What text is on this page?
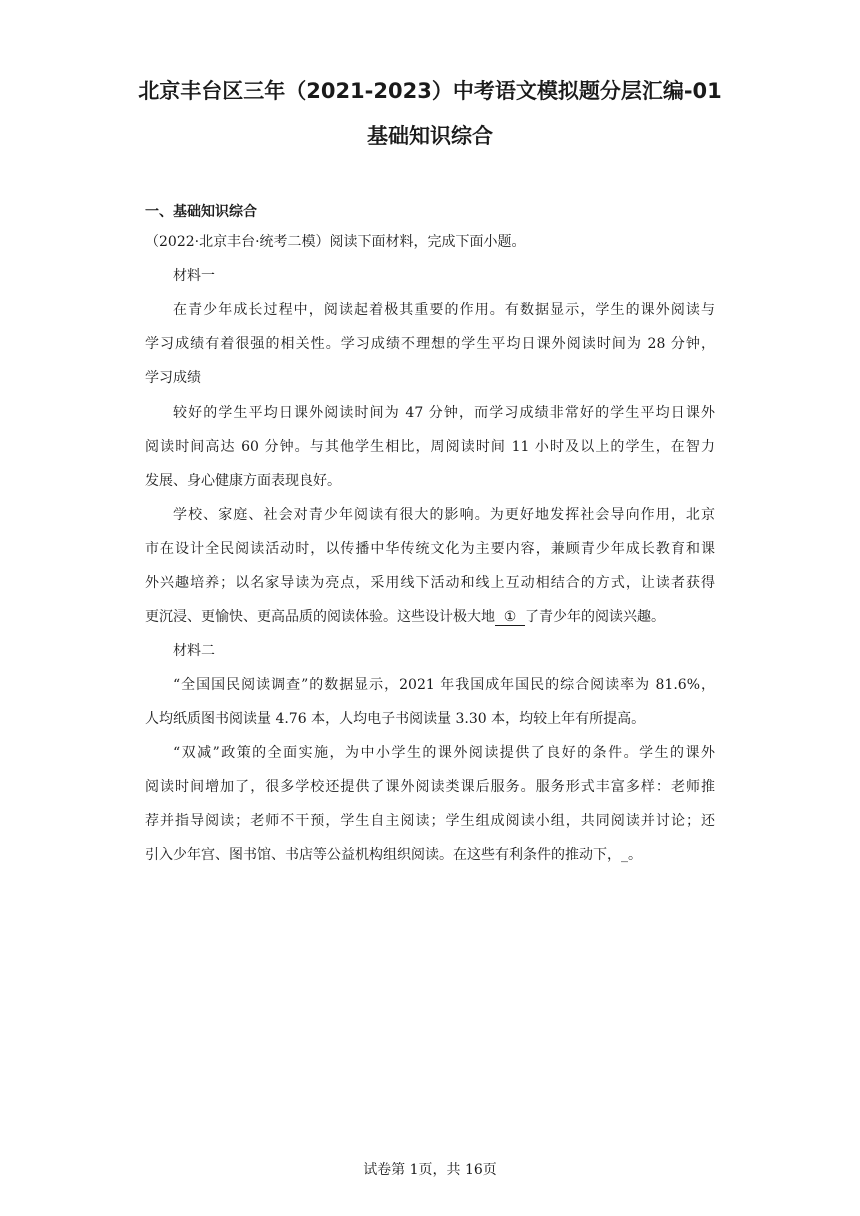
北京丰台区三年（2021-2023）中考语文模拟题分层汇编-01
基础知识综合
一、基础知识综合
（2022·北京丰台·统考二模）阅读下面材料，完成下面小题。
材料一
在青少年成长过程中，阅读起着极其重要的作用。有数据显示，学生的课外阅读与
学习成绩有着很强的相关性。学习成绩不理想的学生平均日课外阅读时间为 28 分钟，
学习成绩
较好的学生平均日课外阅读时间为 47 分钟，而学习成绩非常好的学生平均日课外
阅读时间高达 60 分钟。与其他学生相比，周阅读时间 11 小时及以上的学生，在智力
发展、身心健康方面表现良好。
学校、家庭、社会对青少年阅读有很大的影响。为更好地发挥社会导向作用，北京
市在设计全民阅读活动时，以传播中华传统文化为主要内容，兼顾青少年成长教育和课
外兴趣培养；以名家导读为亮点，采用线下活动和线上互动相结合的方式，让读者获得
更沉浸、更愉快、更高品质的阅读体验。这些设计极大地 ① 了青少年的阅读兴趣。
材料二
“全国国民阅读调查”的数据显示，2021 年我国成年国民的综合阅读率为 81.6%，
人均纸质图书阅读量 4.76 本，人均电子书阅读量 3.30 本，均较上年有所提高。
“双减”政策的全面实施，为中小学生的课外阅读提供了良好的条件。学生的课外
阅读时间增加了，很多学校还提供了课外阅读类课后服务。服务形式丰富多样：老师推
荐并指导阅读；老师不干预，学生自主阅读；学生组成阅读小组，共同阅读并讨论；还
引入少年宫、图书馆、书店等公益机构组织阅读。在这些有利条件的推动下，_。
试卷第 1页，共 16页
